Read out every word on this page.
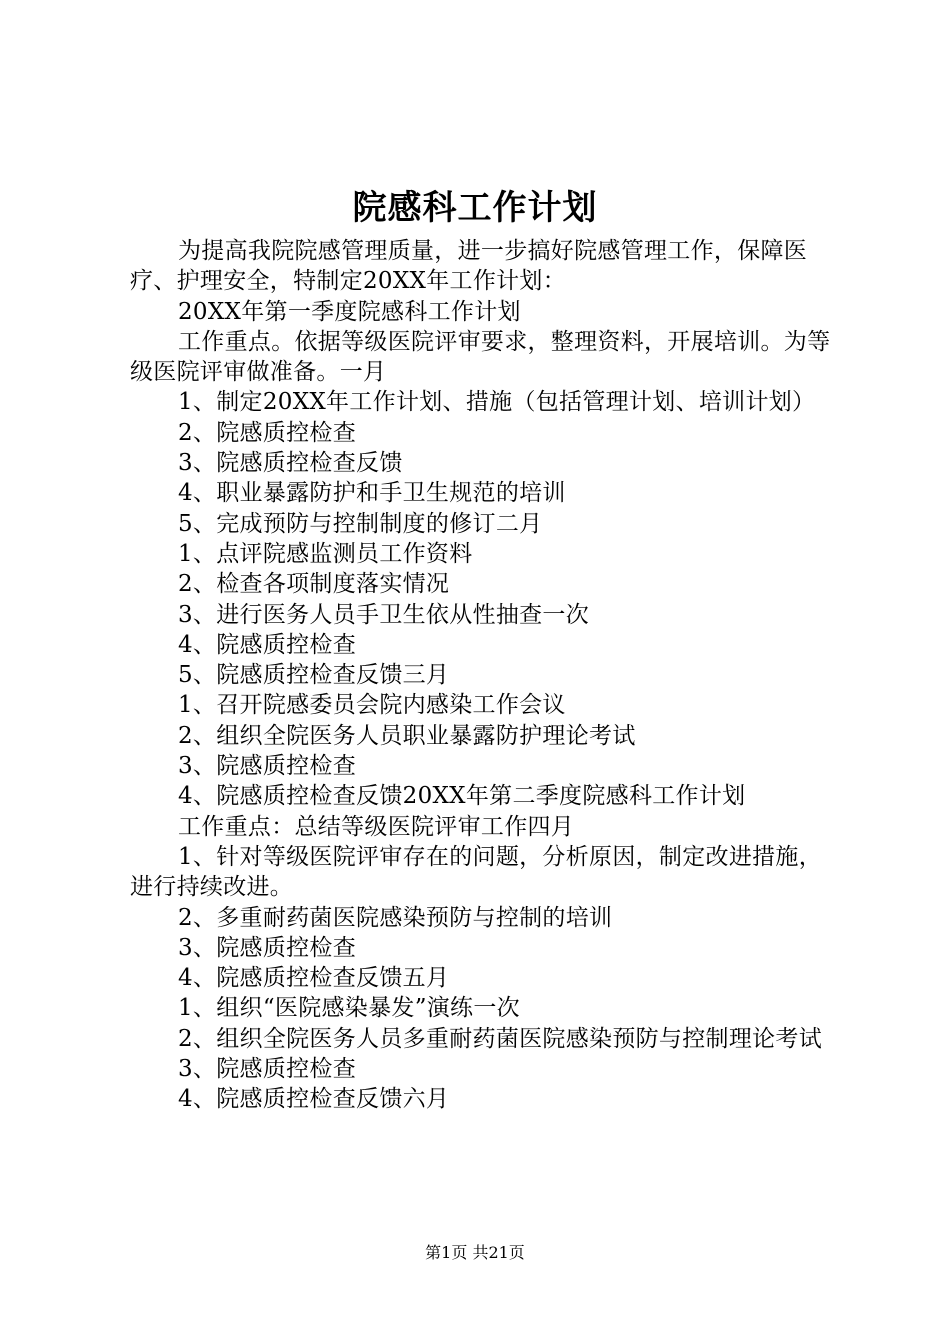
院感科工作计划

为提高我院院感管理质量，进一步搞好院感管理工作，保障医疗、护理安全，特制定20XX年工作计划：

20XX年第一季度院感科工作计划

工作重点。依据等级医院评审要求，整理资料，开展培训。为等级医院评审做准备。一月

1、制定20XX年工作计划、措施（包括管理计划、培训计划）

2、院感质控检查

3、院感质控检查反馈

4、职业暴露防护和手卫生规范的培训

5、完成预防与控制制度的修订二月

1、点评院感监测员工作资料

2、检查各项制度落实情况

3、进行医务人员手卫生依从性抽查一次

4、院感质控检查

5、院感质控检查反馈三月

1、召开院感委员会院内感染工作会议

2、组织全院医务人员职业暴露防护理论考试

3、院感质控检查

4、院感质控检查反馈20XX年第二季度院感科工作计划

工作重点：总结等级医院评审工作四月

1、针对等级医院评审存在的问题，分析原因，制定改进措施，进行持续改进。

2、多重耐药菌医院感染预防与控制的培训

3、院感质控检查

4、院感质控检查反馈五月

1、组织“医院感染暴发”演练一次

2、组织全院医务人员多重耐药菌医院感染预防与控制理论考试

3、院感质控检查

4、院感质控检查反馈六月

第1页 共21页
